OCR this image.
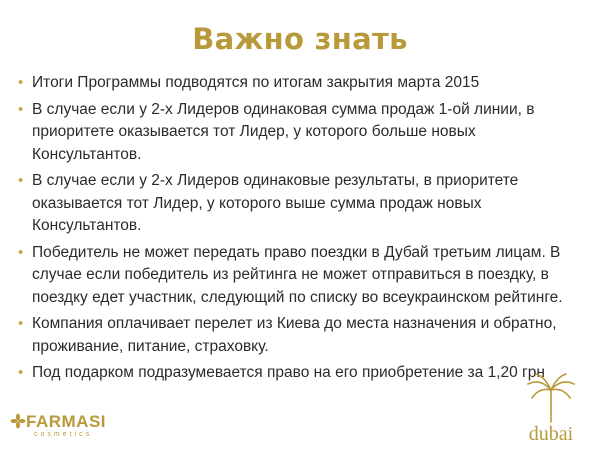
Важно знать
• Итоги Программы подводятся по итогам закрытия марта 2015
• В случае если у 2-х Лидеров одинаковая сумма продаж 1-ой линии, в приоритете оказывается тот Лидер, у которого больше новых Консультантов.
• В случае если у 2-х Лидеров одинаковые результаты, в приоритете оказывается тот Лидер, у которого выше сумма продаж новых Консультантов.
• Победитель не может передать право поездки в Дубай третьим лицам. В случае если победитель из рейтинга не может отправиться в поездку, в поездку едет участник, следующий по списку во всеукраинском рейтинге.
• Компания оплачивает перелет из Киева до места назначения и обратно, проживание, питание, страховку.
• Под подарком подразумевается право на его приобретение за 1,20 грн
FARMASI
cosmetics	dubai
